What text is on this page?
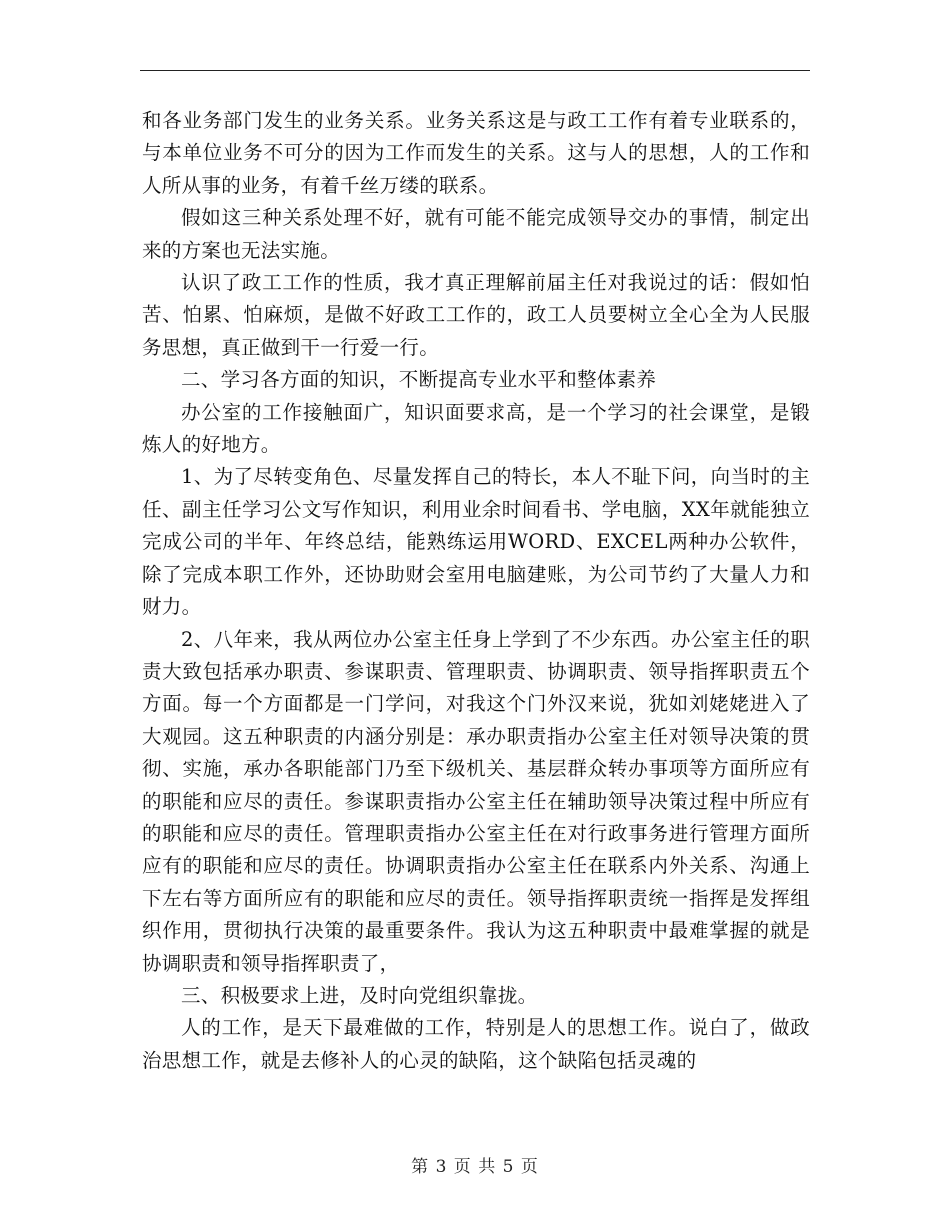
和各业务部门发生的业务关系。业务关系这是与政工工作有着专业联系的，与本单位业务不可分的因为工作而发生的关系。这与人的思想，人的工作和人所从事的业务，有着千丝万缕的联系。

假如这三种关系处理不好，就有可能不能完成领导交办的事情，制定出来的方案也无法实施。

认识了政工工作的性质，我才真正理解前届主任对我说过的话：假如怕苦、怕累、怕麻烦，是做不好政工工作的，政工人员要树立全心全为人民服务思想，真正做到干一行爱一行。

二、学习各方面的知识，不断提高专业水平和整体素养

办公室的工作接触面广，知识面要求高，是一个学习的社会课堂，是锻炼人的好地方。

1、为了尽转变角色、尽量发挥自己的特长，本人不耻下问，向当时的主任、副主任学习公文写作知识，利用业余时间看书、学电脑，XX年就能独立完成公司的半年、年终总结，能熟练运用WORD、EXCEL两种办公软件，除了完成本职工作外，还协助财会室用电脑建账，为公司节约了大量人力和财力。

2、八年来，我从两位办公室主任身上学到了不少东西。办公室主任的职责大致包括承办职责、参谋职责、管理职责、协调职责、领导指挥职责五个方面。每一个方面都是一门学问，对我这个门外汉来说，犹如刘姥姥进入了大观园。这五种职责的内涵分别是：承办职责指办公室主任对领导决策的贯彻、实施，承办各职能部门乃至下级机关、基层群众转办事项等方面所应有的职能和应尽的责任。参谋职责指办公室主任在辅助领导决策过程中所应有的职能和应尽的责任。管理职责指办公室主任在对行政事务进行管理方面所应有的职能和应尽的责任。协调职责指办公室主任在联系内外关系、沟通上下左右等方面所应有的职能和应尽的责任。领导指挥职责统一指挥是发挥组织作用，贯彻执行决策的最重要条件。我认为这五种职责中最难掌握的就是协调职责和领导指挥职责了，

三、积极要求上进，及时向党组织靠拢。

人的工作，是天下最难做的工作，特别是人的思想工作。说白了，做政治思想工作，就是去修补人的心灵的缺陷，这个缺陷包括灵魂的

第 3 页 共 5 页
